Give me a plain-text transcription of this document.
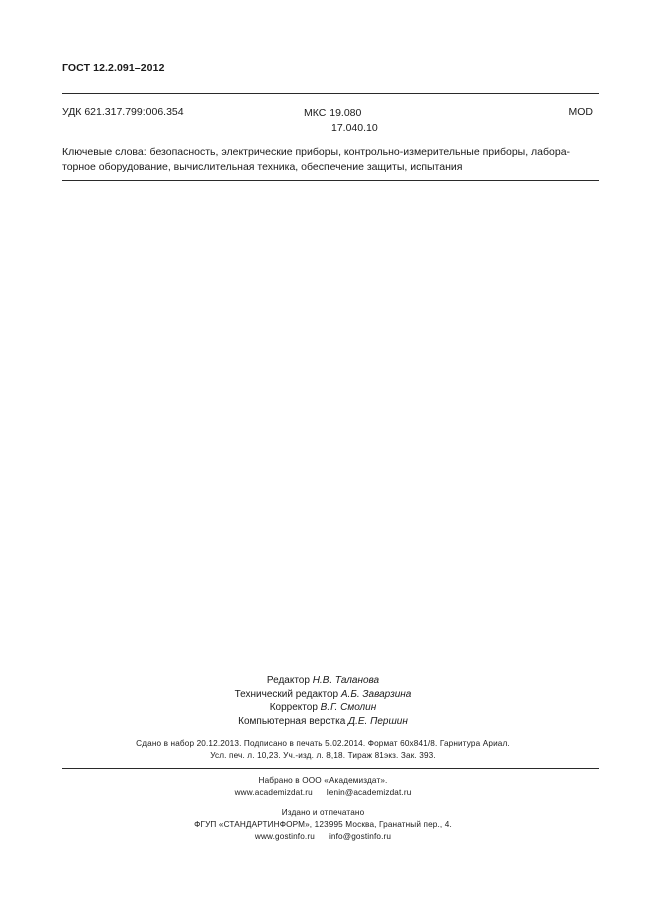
ГОСТ 12.2.091–2012
УДК 621.317.799:006.354	МКС 19.080
17.040.10
MOD
Ключевые слова: безопасность, электрические приборы, контрольно-измерительные приборы, лабора-
торное оборудование, вычислительная техника, обеспечение защиты, испытания
Редактор Н.В. Таланова
Технический редактор А.Б. Заварзина
Корректор В.Г. Смолин
Компьютерная верстка Д.Е. Першин
Сдано в набор 20.12.2013. Подписано в печать 5.02.2014. Формат 60х841/8. Гарнитура Ариал.
Усл. печ. л. 10,23. Уч.-изд. л. 8,18. Тираж 81экз. Зак. 393.
Набрано в ООО «Академиздат».
www.academizdat.ru lenin@academizdat.ru
Издано и отпечатано
ФГУП «СТАНДАРТИНФОРМ», 123995 Москва, Гранатный пер., 4.
www.gostinfo.ru info@gostinfo.ru
